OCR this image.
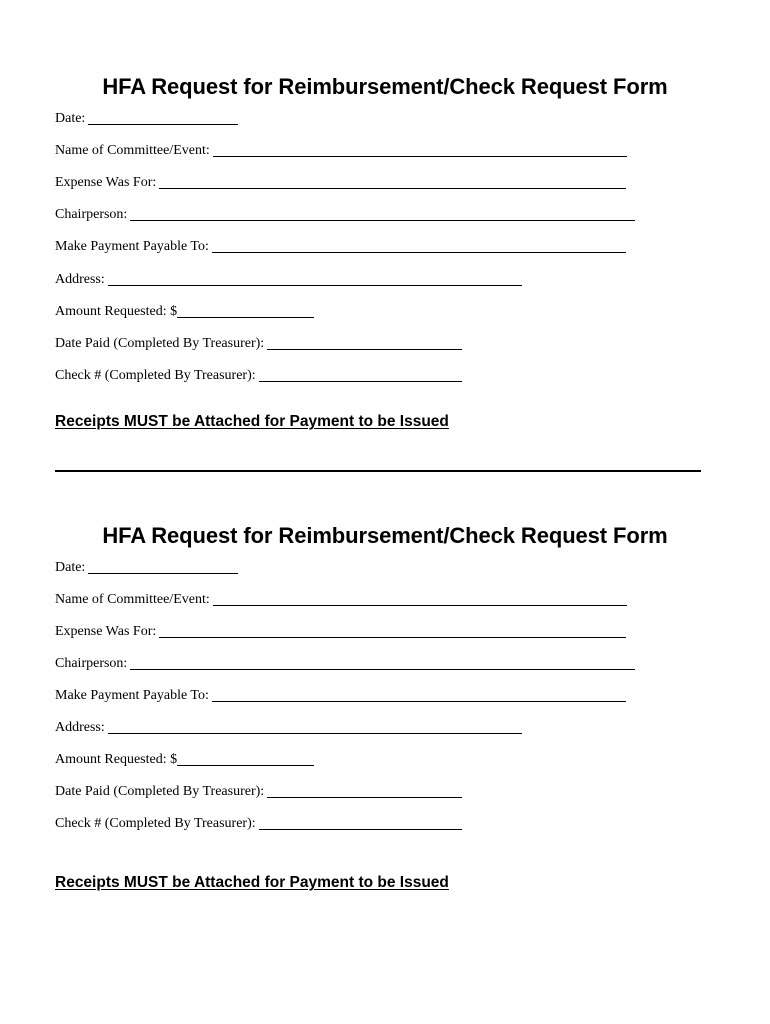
HFA Request for Reimbursement/Check Request Form
Date:
Name of Committee/Event:
Expense Was For:
Chairperson:
Make Payment Payable To:
Address:
Amount Requested: $
Date Paid (Completed By Treasurer):
Check # (Completed By Treasurer):
Receipts MUST be Attached for Payment to be Issued
HFA Request for Reimbursement/Check Request Form
Date:
Name of Committee/Event:
Expense Was For:
Chairperson:
Make Payment Payable To:
Address:
Amount Requested: $
Date Paid (Completed By Treasurer):
Check # (Completed By Treasurer):
Receipts MUST be Attached for Payment to be Issued
